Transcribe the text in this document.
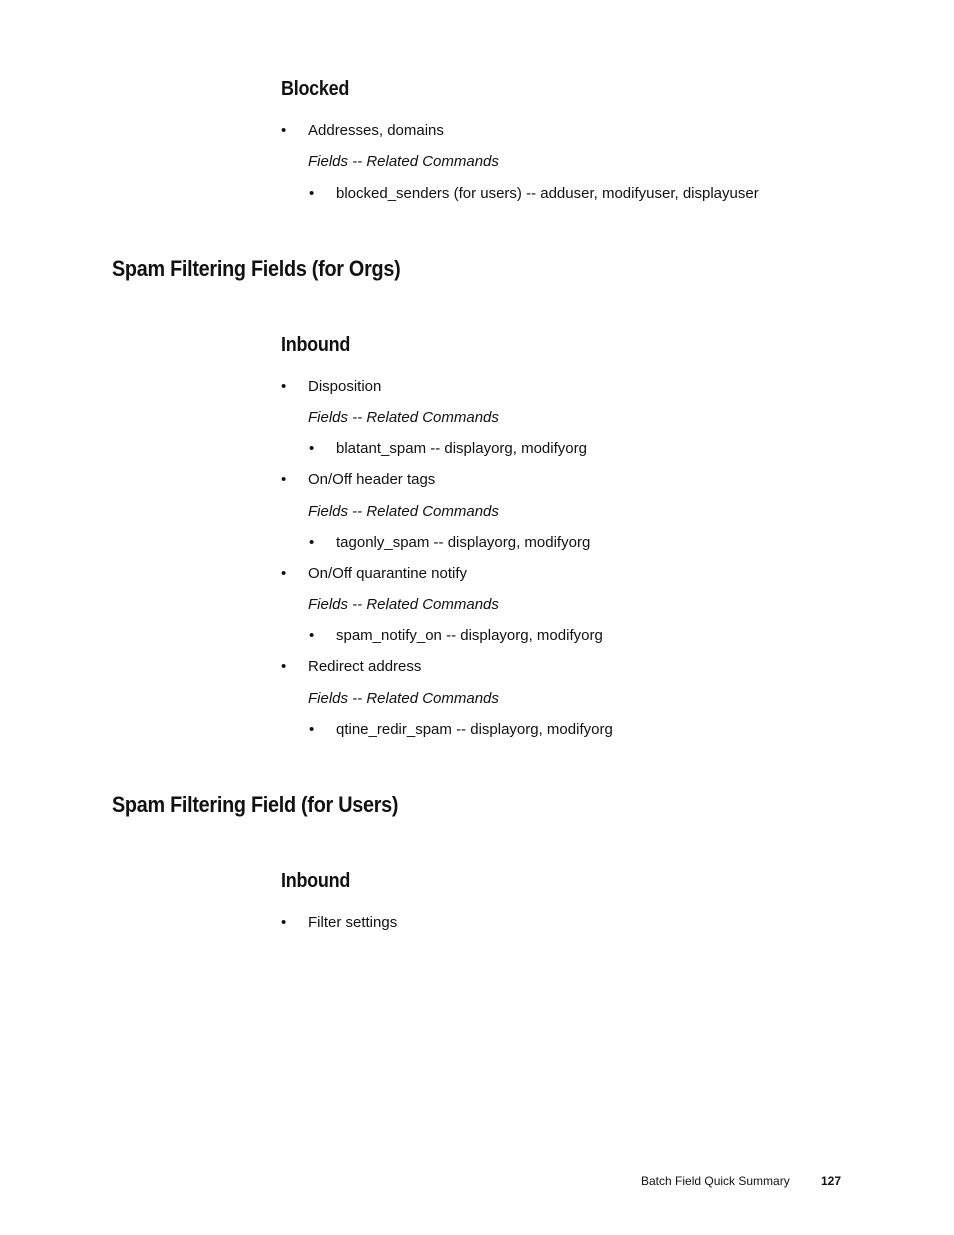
Blocked
• Addresses, domains
Fields -- Related Commands
• blocked_senders (for users) -- adduser, modifyuser, displayuser
Spam Filtering Fields (for Orgs)
Inbound
• Disposition
Fields -- Related Commands
• blatant_spam -- displayorg, modifyorg
• On/Off header tags
Fields -- Related Commands
• tagonly_spam -- displayorg, modifyorg
• On/Off quarantine notify
Fields -- Related Commands
• spam_notify_on -- displayorg, modifyorg
• Redirect address
Fields -- Related Commands
• qtine_redir_spam -- displayorg, modifyorg
Spam Filtering Field (for Users)
Inbound
• Filter settings
Batch Field Quick Summary	127
